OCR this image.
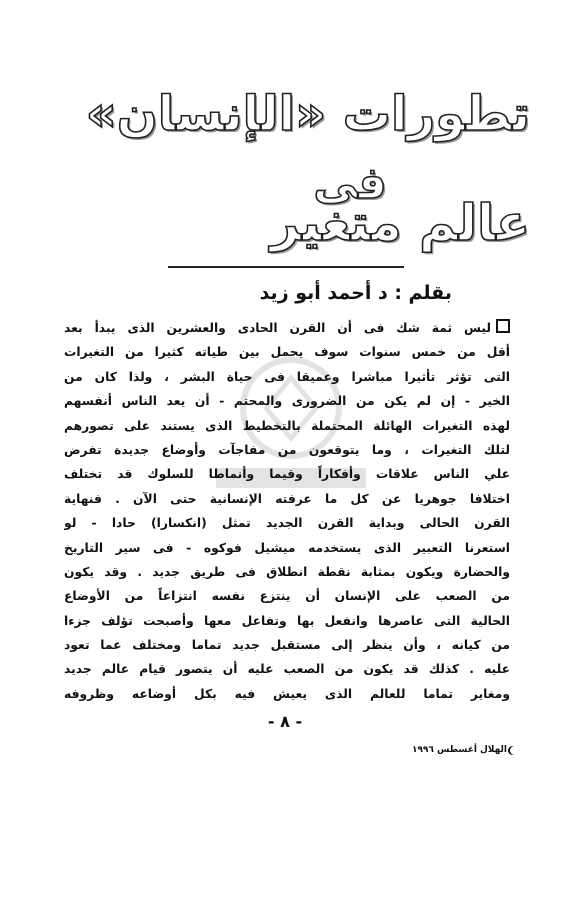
تطورات «الإنسان»
فى
عالم متغير
بقلم : د أحمد أبو زيد
ليس ثمة شك فى أن القرن الحادى والعشرين الذى يبدأ بعد
أقل من خمس سنوات سوف يحمل بين طياته كثيرا من التغيرات
التى تؤثر تأثيرا مباشرا وعميقا فى حياة البشر ، ولذا كان من
الخير - إن لم يكن من الضرورى والمحتم - أن يعد الناس أنفسهم
لهذه التغيرات الهائلة المحتملة بالتخطيط الذى يستند على تصورهم
لتلك التغيرات ، وما يتوقعون من مفاجآت وأوضاع جديدة تفرض
علي الناس علاقات وأفكاراً وقيما وأنماطا للسلوك قد تختلف
اختلافا جوهريا عن كل ما عرفته الإنسانية حتى الآن . فنهاية
القرن الحالى وبداية القرن الجديد تمثل (انكسارا) حادا - لو
استعرنا التعبير الذى يستخدمه ميشيل فوكوه - فى سير التاريخ
والحضارة ويكون بمثابة نقطة انطلاق فى طريق جديد . وقد يكون
من الصعب على الإنسان أن ينتزع نفسه انتزاعاً من الأوضاع
الحالية التى عاصرها وانفعل بها وتفاعل معها وأصبحت تؤلف جزءا
من كيانه ، وأن ينظر إلى مستقبل جديد تماما ومختلف عما تعود
عليه . كذلك قد يكون من الصعب عليه أن يتصور قيام عالم جديد
ومغاير تماما للعالم الذى يعيش فيه بكل أوضاعه وظروفه
- ٨ -
الهلال
أغسطس ١٩٩٦
